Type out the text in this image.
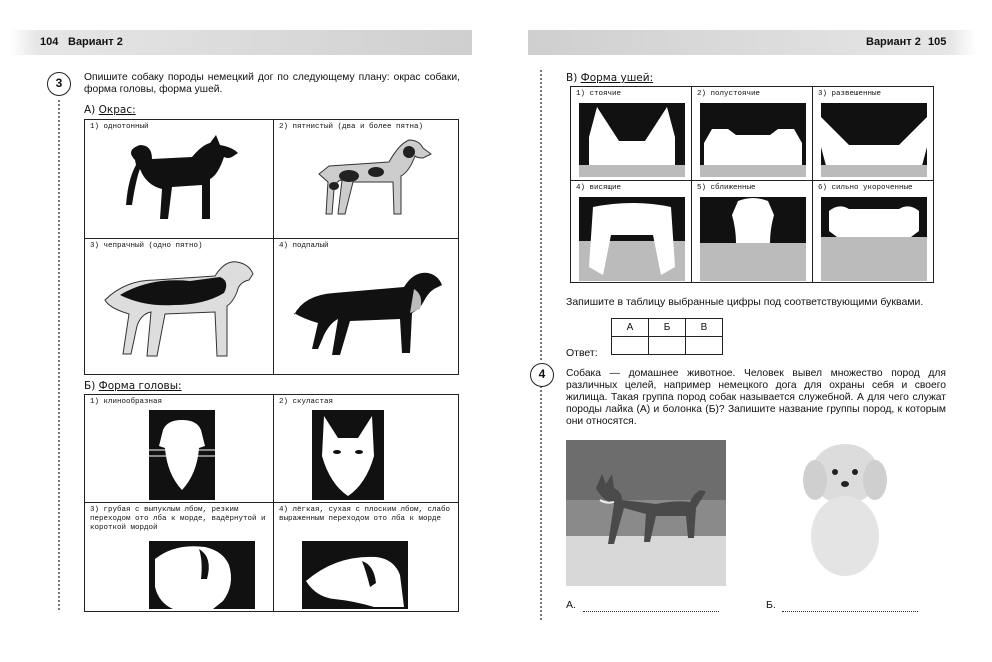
104 Вариант 2	Вариант 2 105
3	Опишите собаку породы немецкий дог по следующему плану: окрас собаки, форма головы, форма ушей.
А) Окрас:
1) однотонный	2) пятнистый (два и более пятна)
3) чепрачный (одно пятно)	4) подпалый
Б) Форма головы:
1) клинообразная	2) скуластая
3) грубая с выпуклым лбом, резким переходом ото лба к морде, вадёрнутой и короткой мордой
4) лёгкая, сухая с плоским лбом, слабо выраженным переходом ото лба к морде
В) Форма ушей:
1) стоячие	2) полустоячие	3) развешенные
4) висящие	5) сближенные	6) сильно укороченные
Запишите в таблицу выбранные цифры под соответствующими буквами.
А	Б	В

Ответ:
4	Собака — домашнее животное. Человек вывел множество пород для различных целей, например немецкого дога для охраны себя и своего жилища. Такая группа пород собак называется служебной. А для чего служат породы лайка (А) и болонка (Б)? Запишите название группы пород, к которым они относятся.
А.	Б.
